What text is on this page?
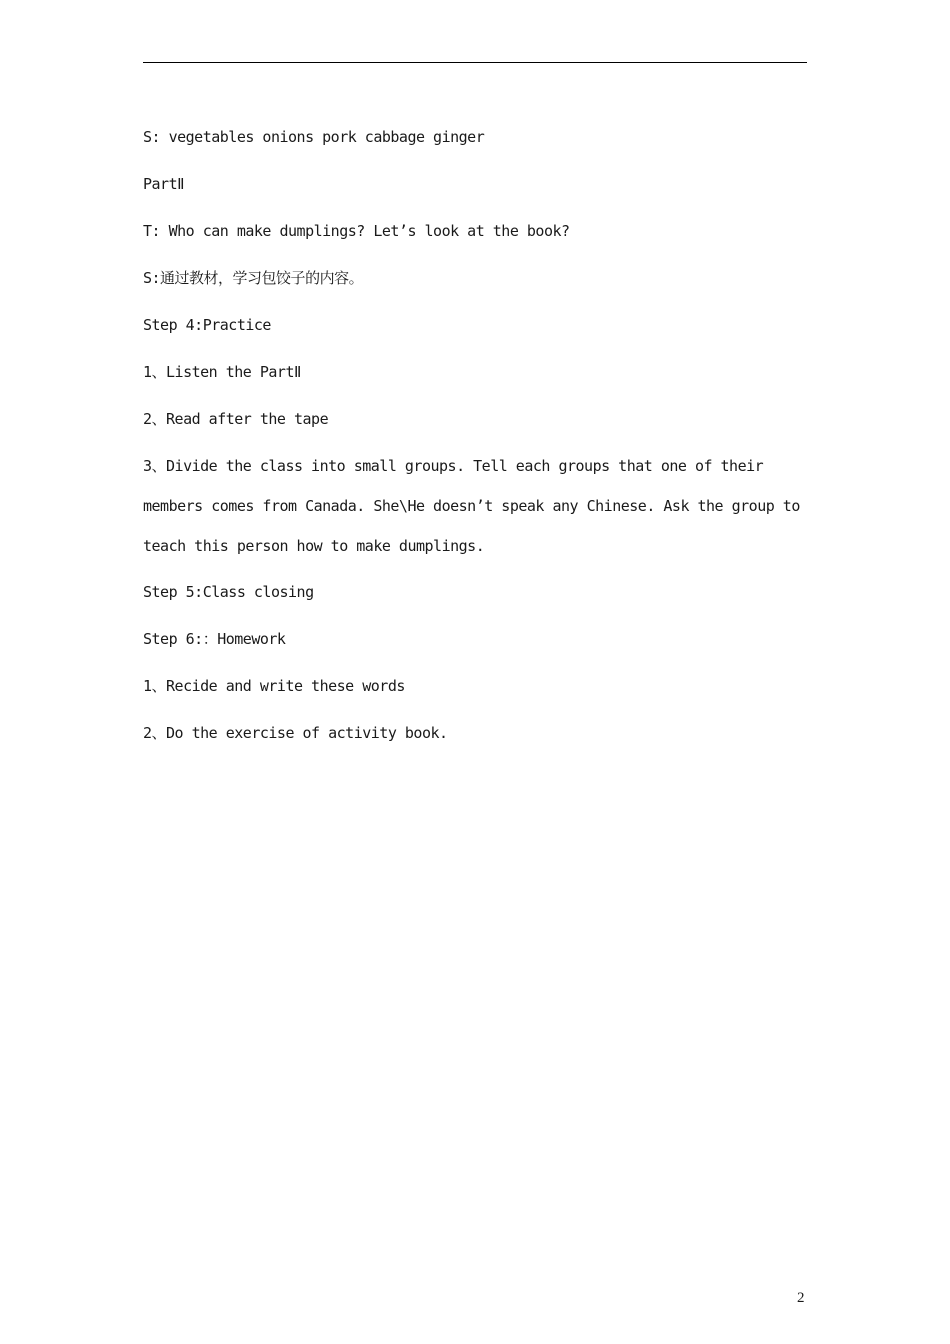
S: vegetables onions pork cabbage ginger
PartⅡ
T: Who can make dumplings? Let’s look at the book?
S:通过教材，学习包饺子的内容。
Step 4:Practice
1、Listen the PartⅡ
2、Read after the tape
3、Divide the class into small groups. Tell each groups that one of their
members comes from Canada. She\He doesn’t speak any Chinese. Ask the group to
teach this person how to make dumplings.
Step 5:Class closing
Step 6:：Homework
1、Recide and write these words
2、Do the exercise of activity book.
2
